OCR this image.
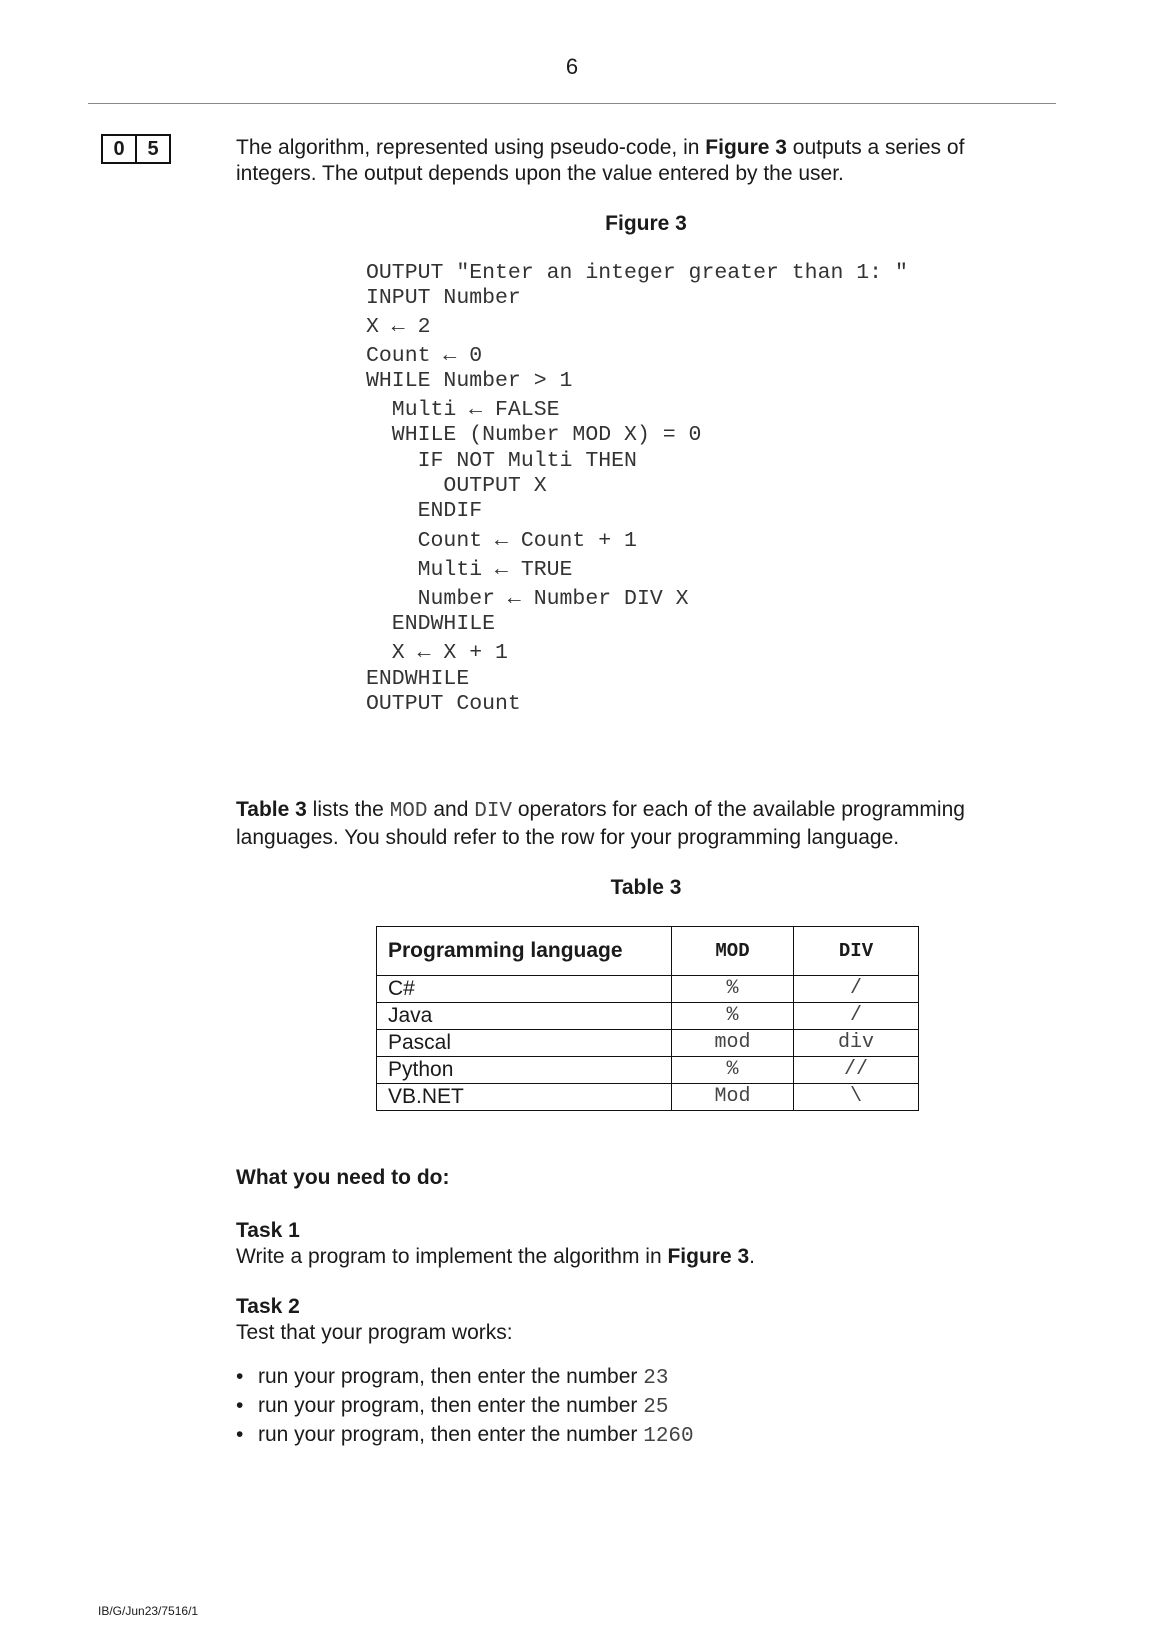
6
0	5	The algorithm, represented using pseudo-code, in Figure 3 outputs a series of integers. The output depends upon the value entered by the user.
Figure 3
OUTPUT "Enter an integer greater than 1: "
INPUT Number
X ← 2
Count ← 0
WHILE Number > 1
Multi ← FALSE
WHILE (Number MOD X) = 0
IF NOT Multi THEN
OUTPUT X
ENDIF
Count ← Count + 1
Multi ← TRUE
Number ← Number DIV X
ENDWHILE
X ← X + 1
ENDWHILE
OUTPUT Count
Table 3 lists the MOD and DIV operators for each of the available programming languages. You should refer to the row for your programming language.
Table 3
Programming language	MOD	DIV
C#	%	/
Java	%	/
Pascal	mod	div
Python	%	//
VB.NET	Mod	\
What you need to do:
Task 1
Write a program to implement the algorithm in Figure 3.
Task 2
Test that your program works:
• run your program, then enter the number 23
• run your program, then enter the number 25
• run your program, then enter the number 1260
IB/G/Jun23/7516/1
